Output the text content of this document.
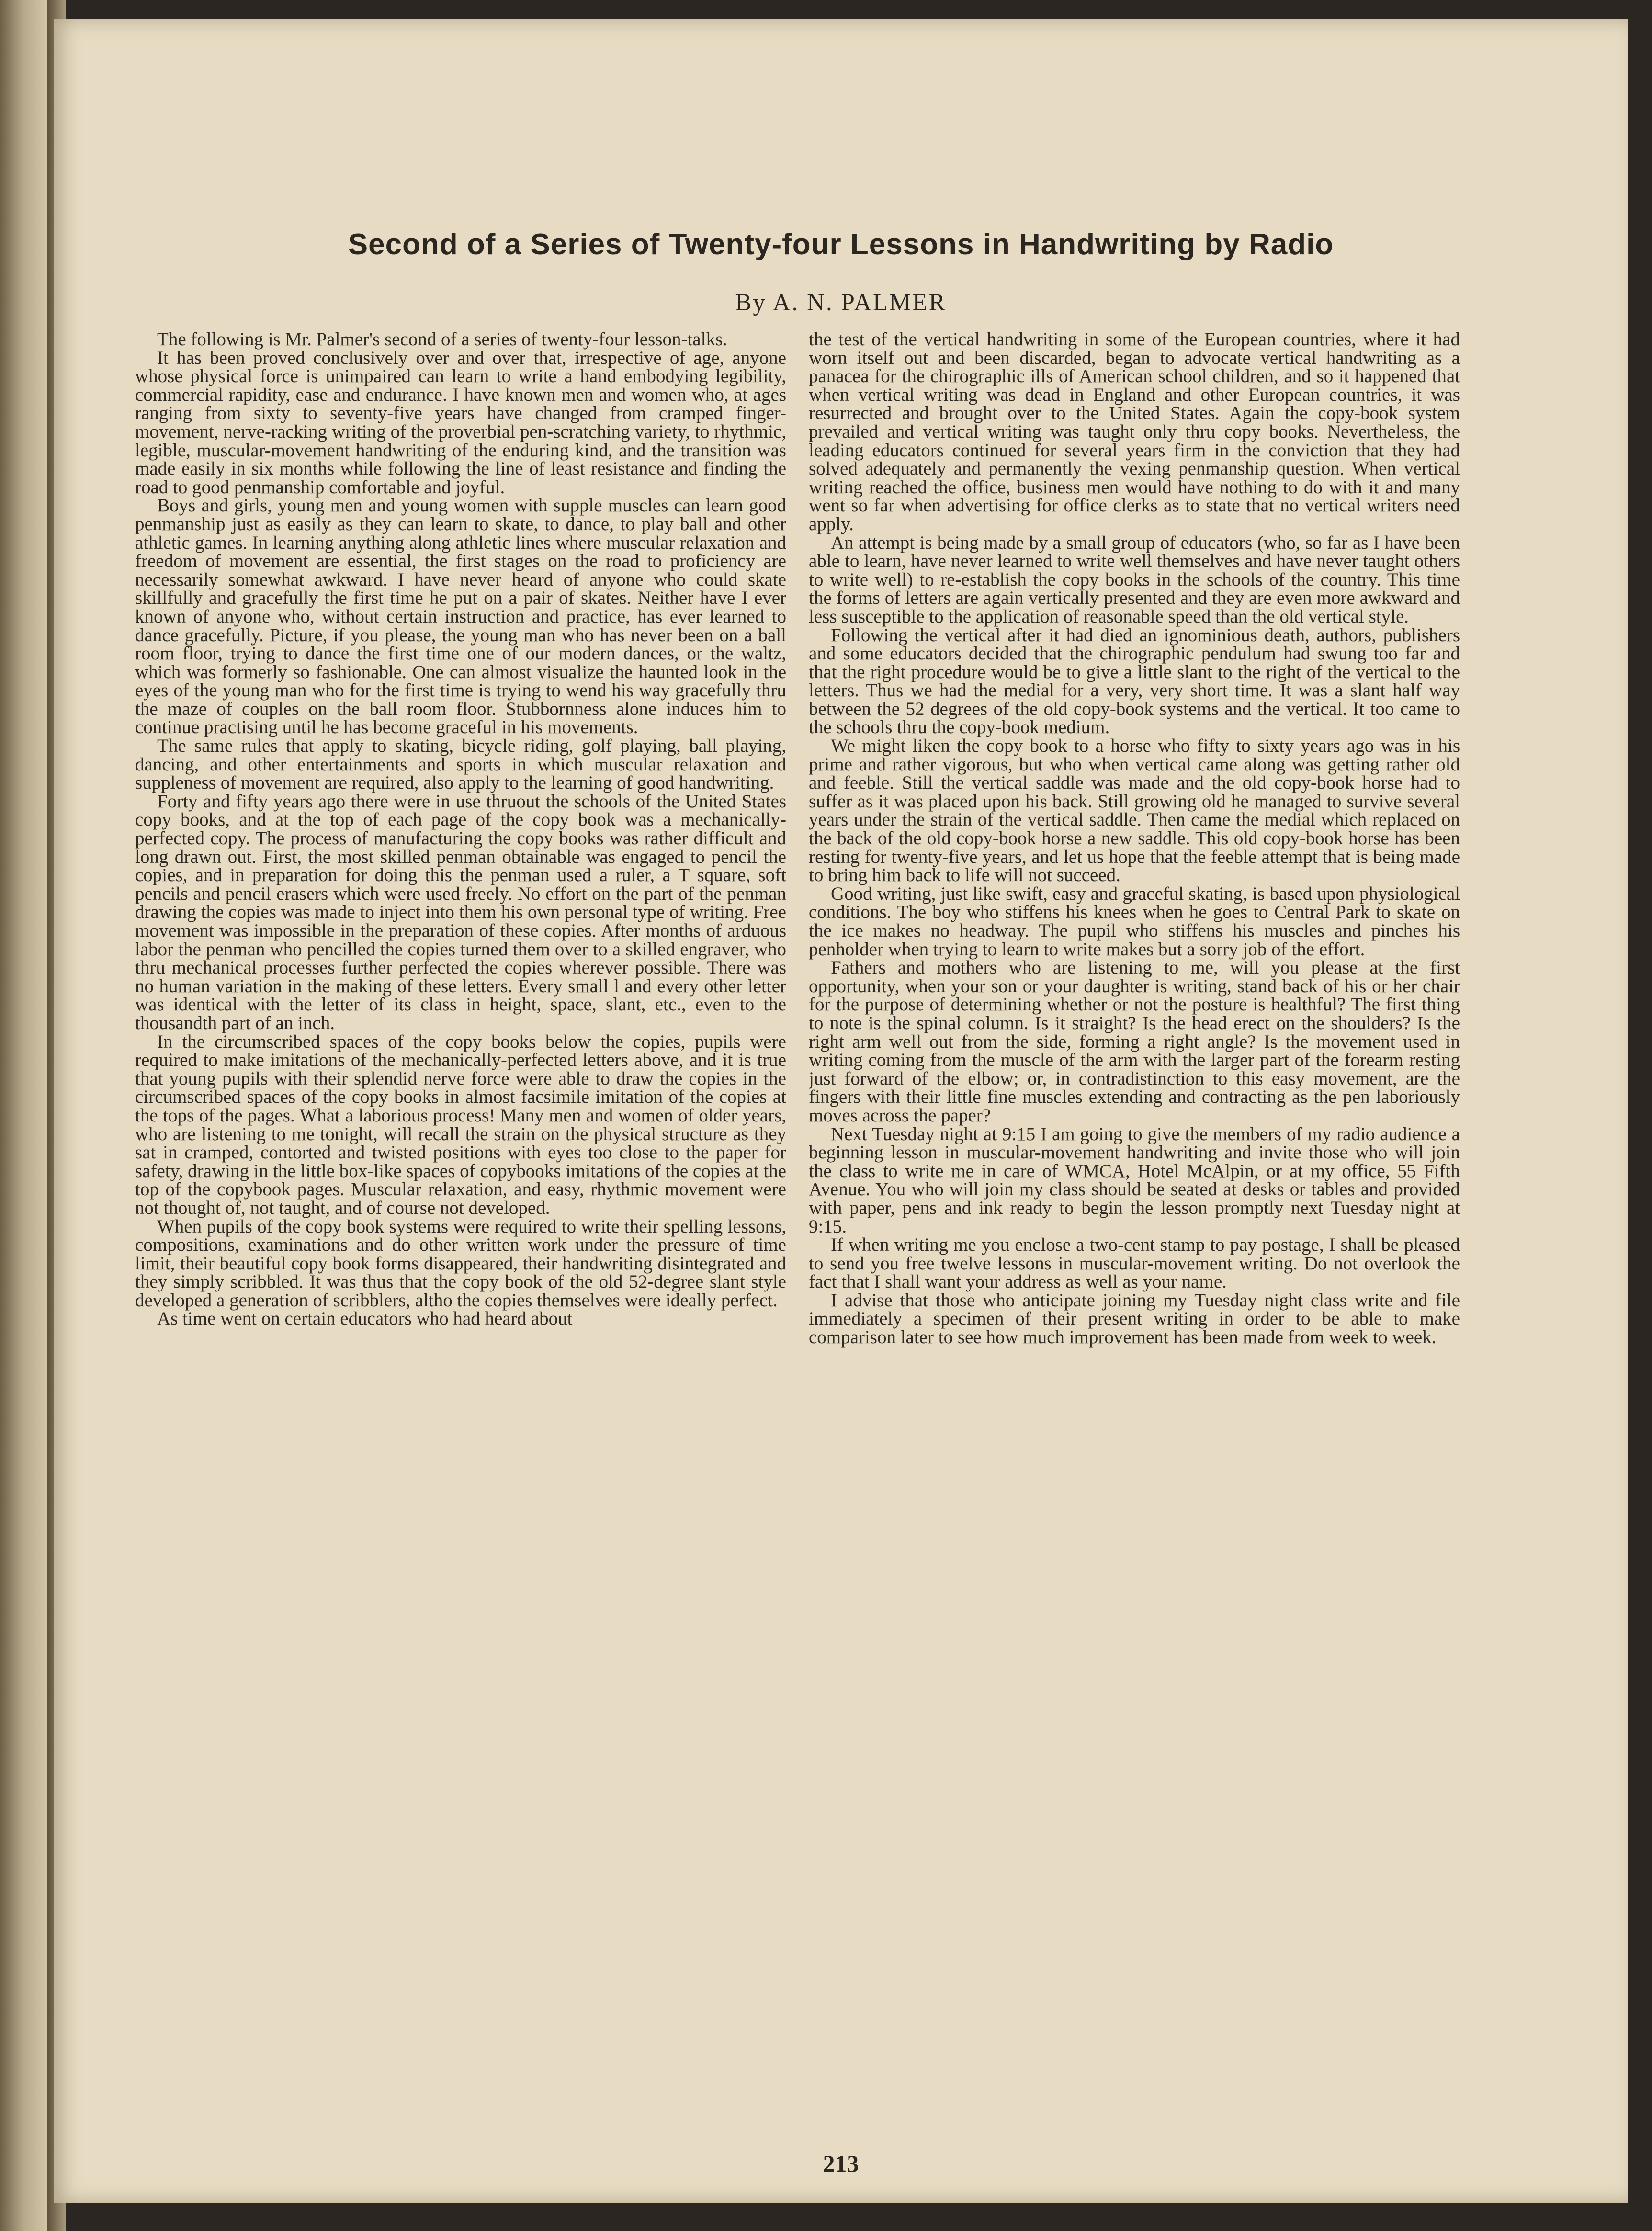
Second of a Series of Twenty-four Lessons in Handwriting by Radio
By A. N. PALMER

The following is Mr. Palmer's second of a series of twenty-four lesson-talks.

It has been proved conclusively over and over that, irrespective of age, anyone whose physical force is unimpaired can learn to write a hand embodying legibility, commercial rapidity, ease and endurance. I have known men and women who, at ages ranging from sixty to seventy-five years have changed from cramped finger-movement, nerve-racking writing of the proverbial pen-scratching variety, to rhythmic, legible, muscular-movement handwriting of the enduring kind, and the transition was made easily in six months while following the line of least resistance and finding the road to good penmanship comfortable and joyful.

Boys and girls, young men and young women with supple muscles can learn good penmanship just as easily as they can learn to skate, to dance, to play ball and other athletic games. In learning anything along athletic lines where muscular relaxation and freedom of movement are essential, the first stages on the road to proficiency are necessarily somewhat awkward. I have never heard of anyone who could skate skillfully and gracefully the first time he put on a pair of skates. Neither have I ever known of anyone who, without certain instruction and practice, has ever learned to dance gracefully. Picture, if you please, the young man who has never been on a ball room floor, trying to dance the first time one of our modern dances, or the waltz, which was formerly so fashionable. One can almost visualize the haunted look in the eyes of the young man who for the first time is trying to wend his way gracefully thru the maze of couples on the ball room floor. Stubbornness alone induces him to continue practising until he has become graceful in his movements.

The same rules that apply to skating, bicycle riding, golf playing, ball playing, dancing, and other entertainments and sports in which muscular relaxation and suppleness of movement are required, also apply to the learning of good handwriting.

Forty and fifty years ago there were in use thruout the schools of the United States copy books, and at the top of each page of the copy book was a mechanically-perfected copy. The process of manufacturing the copy books was rather difficult and long drawn out. First, the most skilled penman obtainable was engaged to pencil the copies, and in preparation for doing this the penman used a ruler, a T square, soft pencils and pencil erasers which were used freely. No effort on the part of the penman drawing the copies was made to inject into them his own personal type of writing. Free movement was impossible in the preparation of these copies. After months of arduous labor the penman who pencilled the copies turned them over to a skilled engraver, who thru mechanical processes further perfected the copies wherever possible. There was no human variation in the making of these letters. Every small l and every other letter was identical with the letter of its class in height, space, slant, etc., even to the thousandth part of an inch.

In the circumscribed spaces of the copy books below the copies, pupils were required to make imitations of the mechanically-perfected letters above, and it is true that young pupils with their splendid nerve force were able to draw the copies in the circumscribed spaces of the copy books in almost facsimile imitation of the copies at the tops of the pages. What a laborious process! Many men and women of older years, who are listening to me tonight, will recall the strain on the physical structure as they sat in cramped, contorted and twisted positions with eyes too close to the paper for safety, drawing in the little box-like spaces of copybooks imitations of the copies at the top of the copybook pages. Muscular relaxation, and easy, rhythmic movement were not thought of, not taught, and of course not developed.

When pupils of the copy book systems were required to write their spelling lessons, compositions, examinations and do other written work under the pressure of time limit, their beautiful copy book forms disappeared, their handwriting disintegrated and they simply scribbled. It was thus that the copy book of the old 52-degree slant style developed a generation of scribblers, altho the copies themselves were ideally perfect.

As time went on certain educators who had heard about

the test of the vertical handwriting in some of the European countries, where it had worn itself out and been discarded, began to advocate vertical handwriting as a panacea for the chirographic ills of American school children, and so it happened that when vertical writing was dead in England and other European countries, it was resurrected and brought over to the United States. Again the copy-book system prevailed and vertical writing was taught only thru copy books. Nevertheless, the leading educators continued for several years firm in the conviction that they had solved adequately and permanently the vexing penmanship question. When vertical writing reached the office, business men would have nothing to do with it and many went so far when advertising for office clerks as to state that no vertical writers need apply.

An attempt is being made by a small group of educators (who, so far as I have been able to learn, have never learned to write well themselves and have never taught others to write well) to re-establish the copy books in the schools of the country. This time the forms of letters are again vertically presented and they are even more awkward and less susceptible to the application of reasonable speed than the old vertical style.

Following the vertical after it had died an ignominious death, authors, publishers and some educators decided that the chirographic pendulum had swung too far and that the right procedure would be to give a little slant to the right of the vertical to the letters. Thus we had the medial for a very, very short time. It was a slant half way between the 52 degrees of the old copy-book systems and the vertical. It too came to the schools thru the copy-book medium.

We might liken the copy book to a horse who fifty to sixty years ago was in his prime and rather vigorous, but who when vertical came along was getting rather old and feeble. Still the vertical saddle was made and the old copy-book horse had to suffer as it was placed upon his back. Still growing old he managed to survive several years under the strain of the vertical saddle. Then came the medial which replaced on the back of the old copy-book horse a new saddle. This old copy-book horse has been resting for twenty-five years, and let us hope that the feeble attempt that is being made to bring him back to life will not succeed.

Good writing, just like swift, easy and graceful skating, is based upon physiological conditions. The boy who stiffens his knees when he goes to Central Park to skate on the ice makes no headway. The pupil who stiffens his muscles and pinches his penholder when trying to learn to write makes but a sorry job of the effort.

Fathers and mothers who are listening to me, will you please at the first opportunity, when your son or your daughter is writing, stand back of his or her chair for the purpose of determining whether or not the posture is healthful? The first thing to note is the spinal column. Is it straight? Is the head erect on the shoulders? Is the right arm well out from the side, forming a right angle? Is the movement used in writing coming from the muscle of the arm with the larger part of the forearm resting just forward of the elbow; or, in contradistinction to this easy movement, are the fingers with their little fine muscles extending and contracting as the pen laboriously moves across the paper?

Next Tuesday night at 9:15 I am going to give the members of my radio audience a beginning lesson in muscular-movement handwriting and invite those who will join the class to write me in care of WMCA, Hotel McAlpin, or at my office, 55 Fifth Avenue. You who will join my class should be seated at desks or tables and provided with paper, pens and ink ready to begin the lesson promptly next Tuesday night at 9:15.

If when writing me you enclose a two-cent stamp to pay postage, I shall be pleased to send you free twelve lessons in muscular-movement writing. Do not overlook the fact that I shall want your address as well as your name.

I advise that those who anticipate joining my Tuesday night class write and file immediately a specimen of their present writing in order to be able to make comparison later to see how much improvement has been made from week to week.

213
